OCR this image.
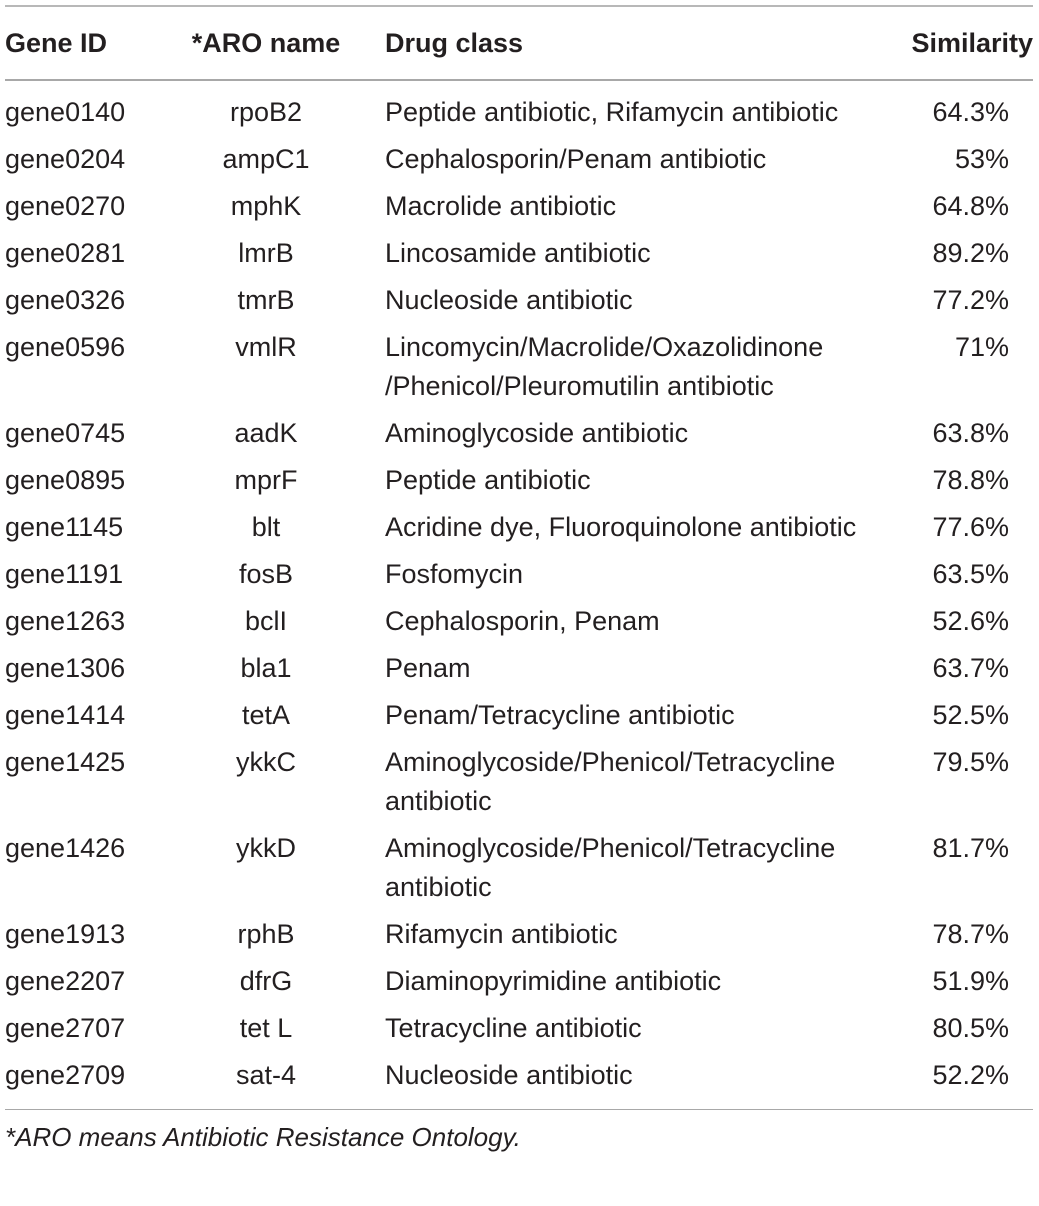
Gene ID	*ARO name	Drug class	Similarity

gene0140	rpoB2	Peptide antibiotic, Rifamycin antibiotic	64.3%
gene0204	ampC1	Cephalosporin/Penam antibiotic	53%
gene0270	mphK	Macrolide antibiotic	64.8%
gene0281	lmrB	Lincosamide antibiotic	89.2%
gene0326	tmrB	Nucleoside antibiotic	77.2%
gene0596	vmlR	Lincomycin/Macrolide/Oxazolidinone /Phenicol/Pleuromutilin antibiotic	71%
gene0745	aadK	Aminoglycoside antibiotic	63.8%
gene0895	mprF	Peptide antibiotic	78.8%
gene1145	blt	Acridine dye, Fluoroquinolone antibiotic	77.6%
gene1191	fosB	Fosfomycin	63.5%
gene1263	bclI	Cephalosporin, Penam	52.6%
gene1306	bla1	Penam	63.7%
gene1414	tetA	Penam/Tetracycline antibiotic	52.5%
gene1425	ykkC	Aminoglycoside/Phenicol/Tetracycline antibiotic	79.5%
gene1426	ykkD	Aminoglycoside/Phenicol/Tetracycline antibiotic	81.7%
gene1913	rphB	Rifamycin antibiotic	78.7%
gene2207	dfrG	Diaminopyrimidine antibiotic	51.9%
gene2707	tet L	Tetracycline antibiotic	80.5%
gene2709	sat-4	Nucleoside antibiotic	52.2%
*ARO means Antibiotic Resistance Ontology.
